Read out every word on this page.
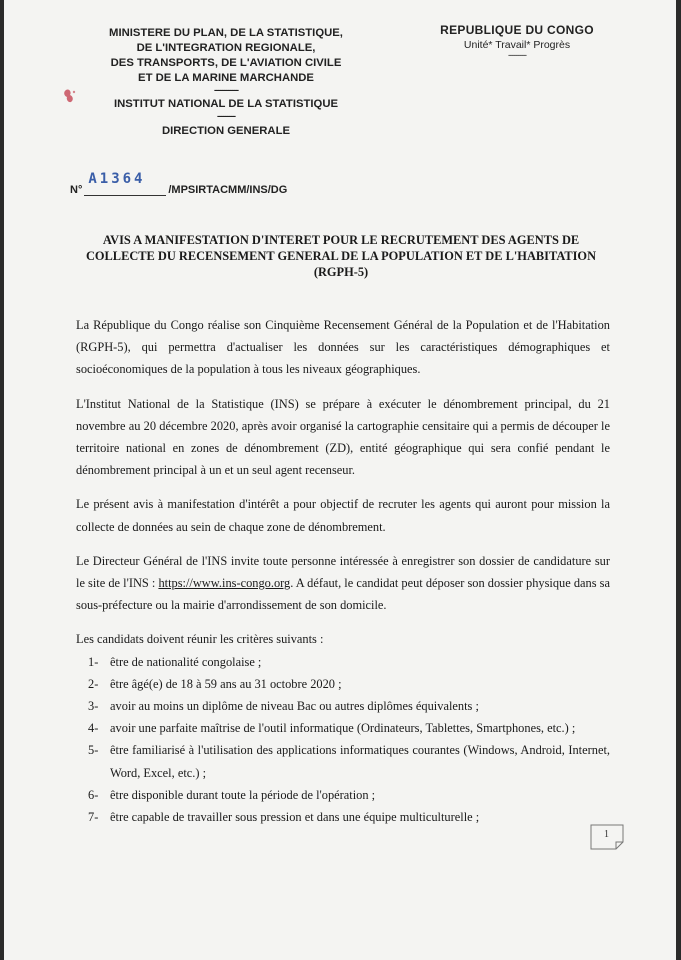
MINISTERE DU PLAN, DE LA STATISTIQUE,
DE L'INTEGRATION REGIONALE,
DES TRANSPORTS, DE L'AVIATION CIVILE
ET DE LA MARINE MARCHANDE
------------
INSTITUT NATIONAL DE LA STATISTIQUE
---------
DIRECTION GENERALE
REPUBLIQUE DU CONGO
Unité* Travail* Progrès
---------
N°
A1364
/MPSIRTACMM/INS/DG
AVIS A MANIFESTATION D'INTERET POUR LE RECRUTEMENT DES AGENTS DE
COLLECTE DU RECENSEMENT GENERAL DE LA POPULATION ET DE L'HABITATION
(RGPH-5)

La République du Congo réalise son Cinquième Recensement Général de la Population et de l'Habitation (RGPH-5), qui permettra d'actualiser les données sur les caractéristiques démographiques et socioéconomiques de la population à tous les niveaux géographiques.

L'Institut National de la Statistique (INS) se prépare à exécuter le dénombrement principal, du 21 novembre au 20 décembre 2020, après avoir organisé la cartographie censitaire qui a permis de découper le territoire national en zones de dénombrement (ZD), entité géographique qui sera confié pendant le dénombrement principal à un et un seul agent recenseur.

Le présent avis à manifestation d'intérêt a pour objectif de recruter les agents qui auront pour mission la collecte de données au sein de chaque zone de dénombrement.

Le Directeur Général de l'INS invite toute personne intéressée à enregistrer son dossier de candidature sur le site de l'INS : https://www.ins-congo.org. A défaut, le candidat peut déposer son dossier physique dans sa sous-préfecture ou la mairie d'arrondissement de son domicile.

Les candidats doivent réunir les critères suivants :

1- être de nationalité congolaise ;
2- être âgé(e) de 18 à 59 ans au 31 octobre 2020 ;
3- avoir au moins un diplôme de niveau Bac ou autres diplômes équivalents ;
4- avoir une parfaite maîtrise de l'outil informatique (Ordinateurs, Tablettes, Smartphones, etc.) ;
5- être familiarisé à l'utilisation des applications informatiques courantes (Windows, Android, Internet, Word, Excel, etc.) ;
6- être disponible durant toute la période de l'opération ;
7- être capable de travailler sous pression et dans une équipe multiculturelle ;
1
